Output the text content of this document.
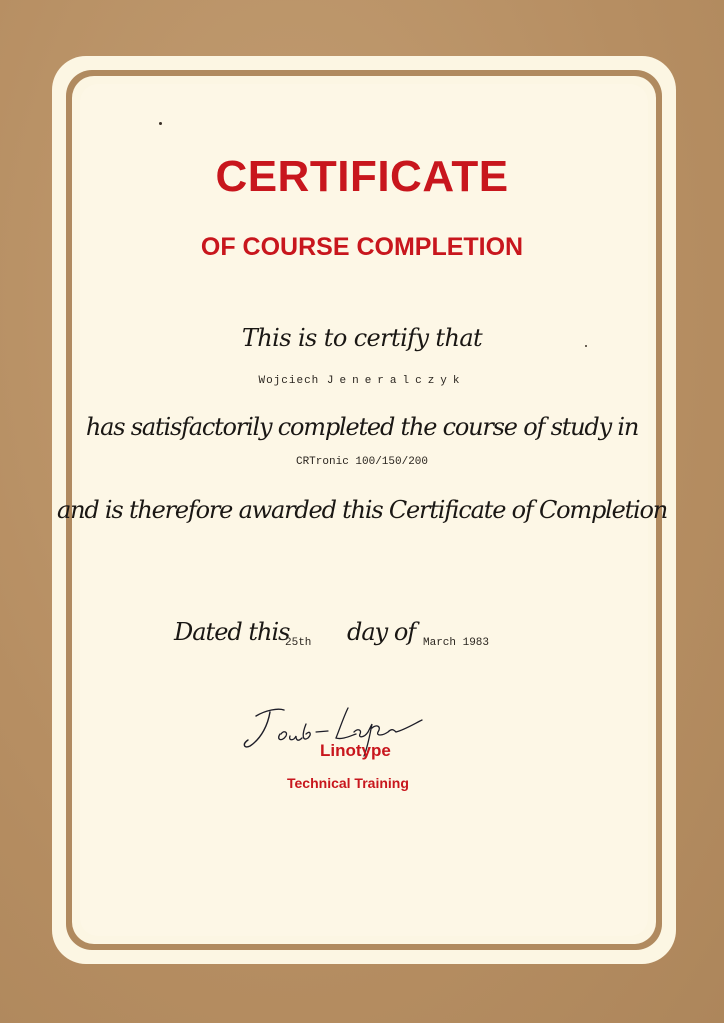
CERTIFICATE
OF COURSE COMPLETION
This is to certify that
Wojciech Jeneralczyk
has satisfactorily completed the course of study in
CRTronic 100/150/200
and is therefore awarded this Certificate of Completion
Dated this
25th day of March 1983
Linotype
Technical Training
